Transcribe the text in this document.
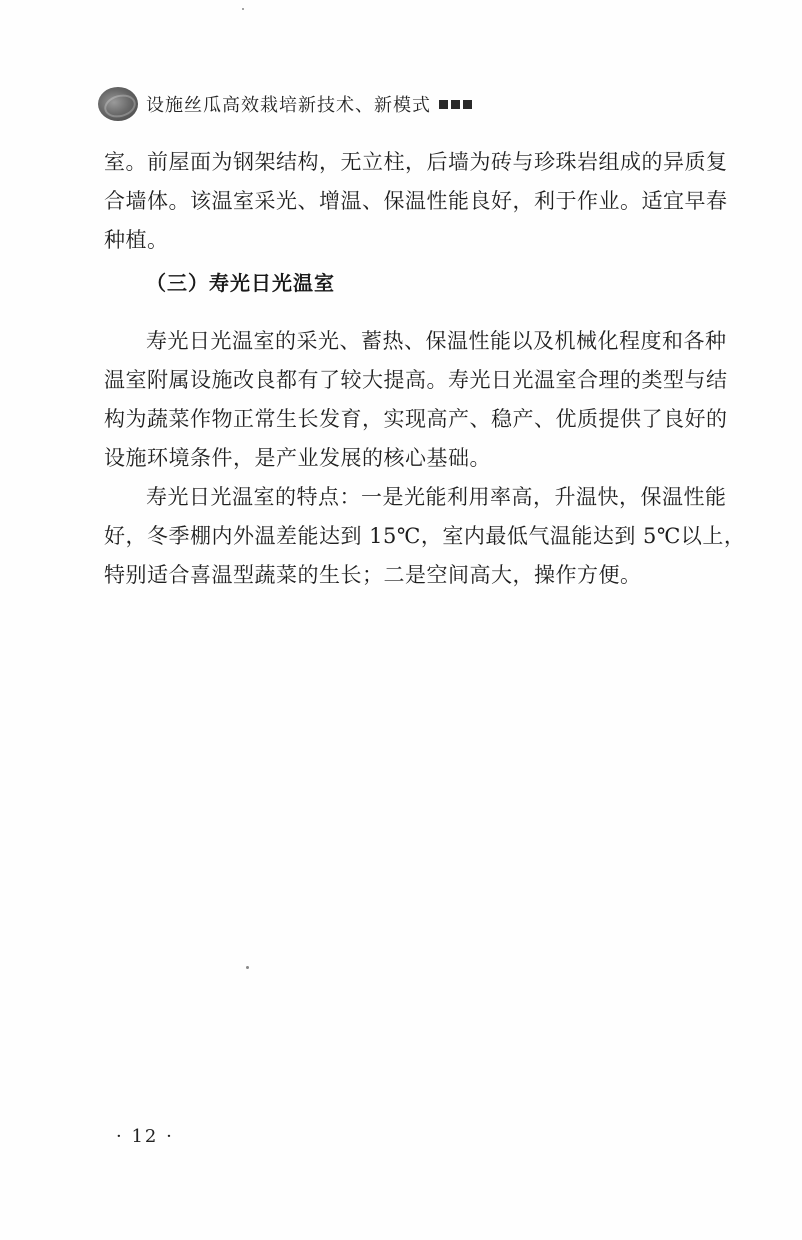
设施丝瓜高效栽培新技术、新模式
室。前屋面为钢架结构，无立柱，后墙为砖与珍珠岩组成的异质复
合墙体。该温室采光、增温、保温性能良好，利于作业。适宜早春
种植。
（三）寿光日光温室
寿光日光温室的采光、蓄热、保温性能以及机械化程度和各种
温室附属设施改良都有了较大提高。寿光日光温室合理的类型与结
构为蔬菜作物正常生长发育，实现高产、稳产、优质提供了良好的
设施环境条件，是产业发展的核心基础。
寿光日光温室的特点：一是光能利用率高，升温快，保温性能
好，冬季棚内外温差能达到 15℃，室内最低气温能达到 5℃以上，
特别适合喜温型蔬菜的生长；二是空间高大，操作方便。
· 12 ·
